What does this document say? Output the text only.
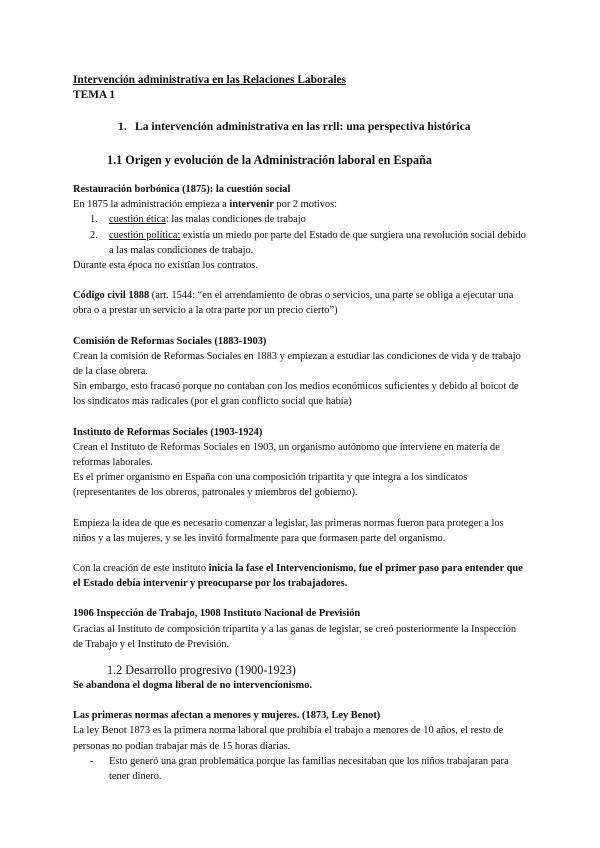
Intervención administrativa en las Relaciones Laborales
TEMA 1
1. La intervención administrativa en las rrll: una perspectiva histórica
1.1 Origen y evolución de la Administración laboral en España

Restauración borbónica (1875): la cuestión social

En 1875 la administración empieza a intervenir por 2 motivos:

1.	cuestión ética: las malas condiciones de trabajo
2.	cuestión política: existía un miedo por parte del Estado de que surgiera una revolución social debido a las malas condiciones de trabajo.

Durante esta época no existían los contratos.

Código civil 1888 (art. 1544: “en el arrendamiento de obras o servicios, una parte se obliga a ejecutar una obra o a prestar un servicio a la otra parte por un precio cierto”)

Comisión de Reformas Sociales (1883-1903)

Crean la comisión de Reformas Sociales en 1883 y empiezan a estudiar las condiciones de vida y de trabajo de la clase obrera.

Sin embargo, esto fracasó porque no contaban con los medios económicos suficientes y debido al boicot de los sindicatos más radicales (por el gran conflicto social que había)

Instituto de Reformas Sociales (1903-1924)

Crean el Instituto de Reformas Sociales en 1903, un organismo autónomo que interviene en materia de reformas laborales.

Es el primer organismo en España con una composición tripartita y que integra a los sindicatos (representantes de los obreros, patronales y miembros del gobierno).

Empieza la idea de que es necesario comenzar a legislar, las primeras normas fueron para proteger a los niños y a las mujeres, y se les invitó formalmente para que formasen parte del organismo.

Con la creación de este instituto inicia la fase el Intervencionismo, fue el primer paso para entender que el Estado debía intervenir y preocuparse por los trabajadores.

1906 Inspección de Trabajo, 1908 Instituto Nacional de Previsión

Gracias al Instituto de composición tripartita y a las ganas de legislar, se creó posteriormente la Inspección de Trabajo y el Instituto de Previsión.

1.2 Desarrollo progresivo (1900-1923)

Se abandona el dogma liberal de no intervencionismo.

Las primeras normas afectan a menores y mujeres. (1873, Ley Benot)

La ley Benot 1873 es la primera norma laboral que prohibía el trabajo a menores de 10 años, el resto de personas no podían trabajar más de 15 horas diarias.

-	Esto generó una gran problemática porque las familias necesitaban que los niños trabajaran para tener dinero.
